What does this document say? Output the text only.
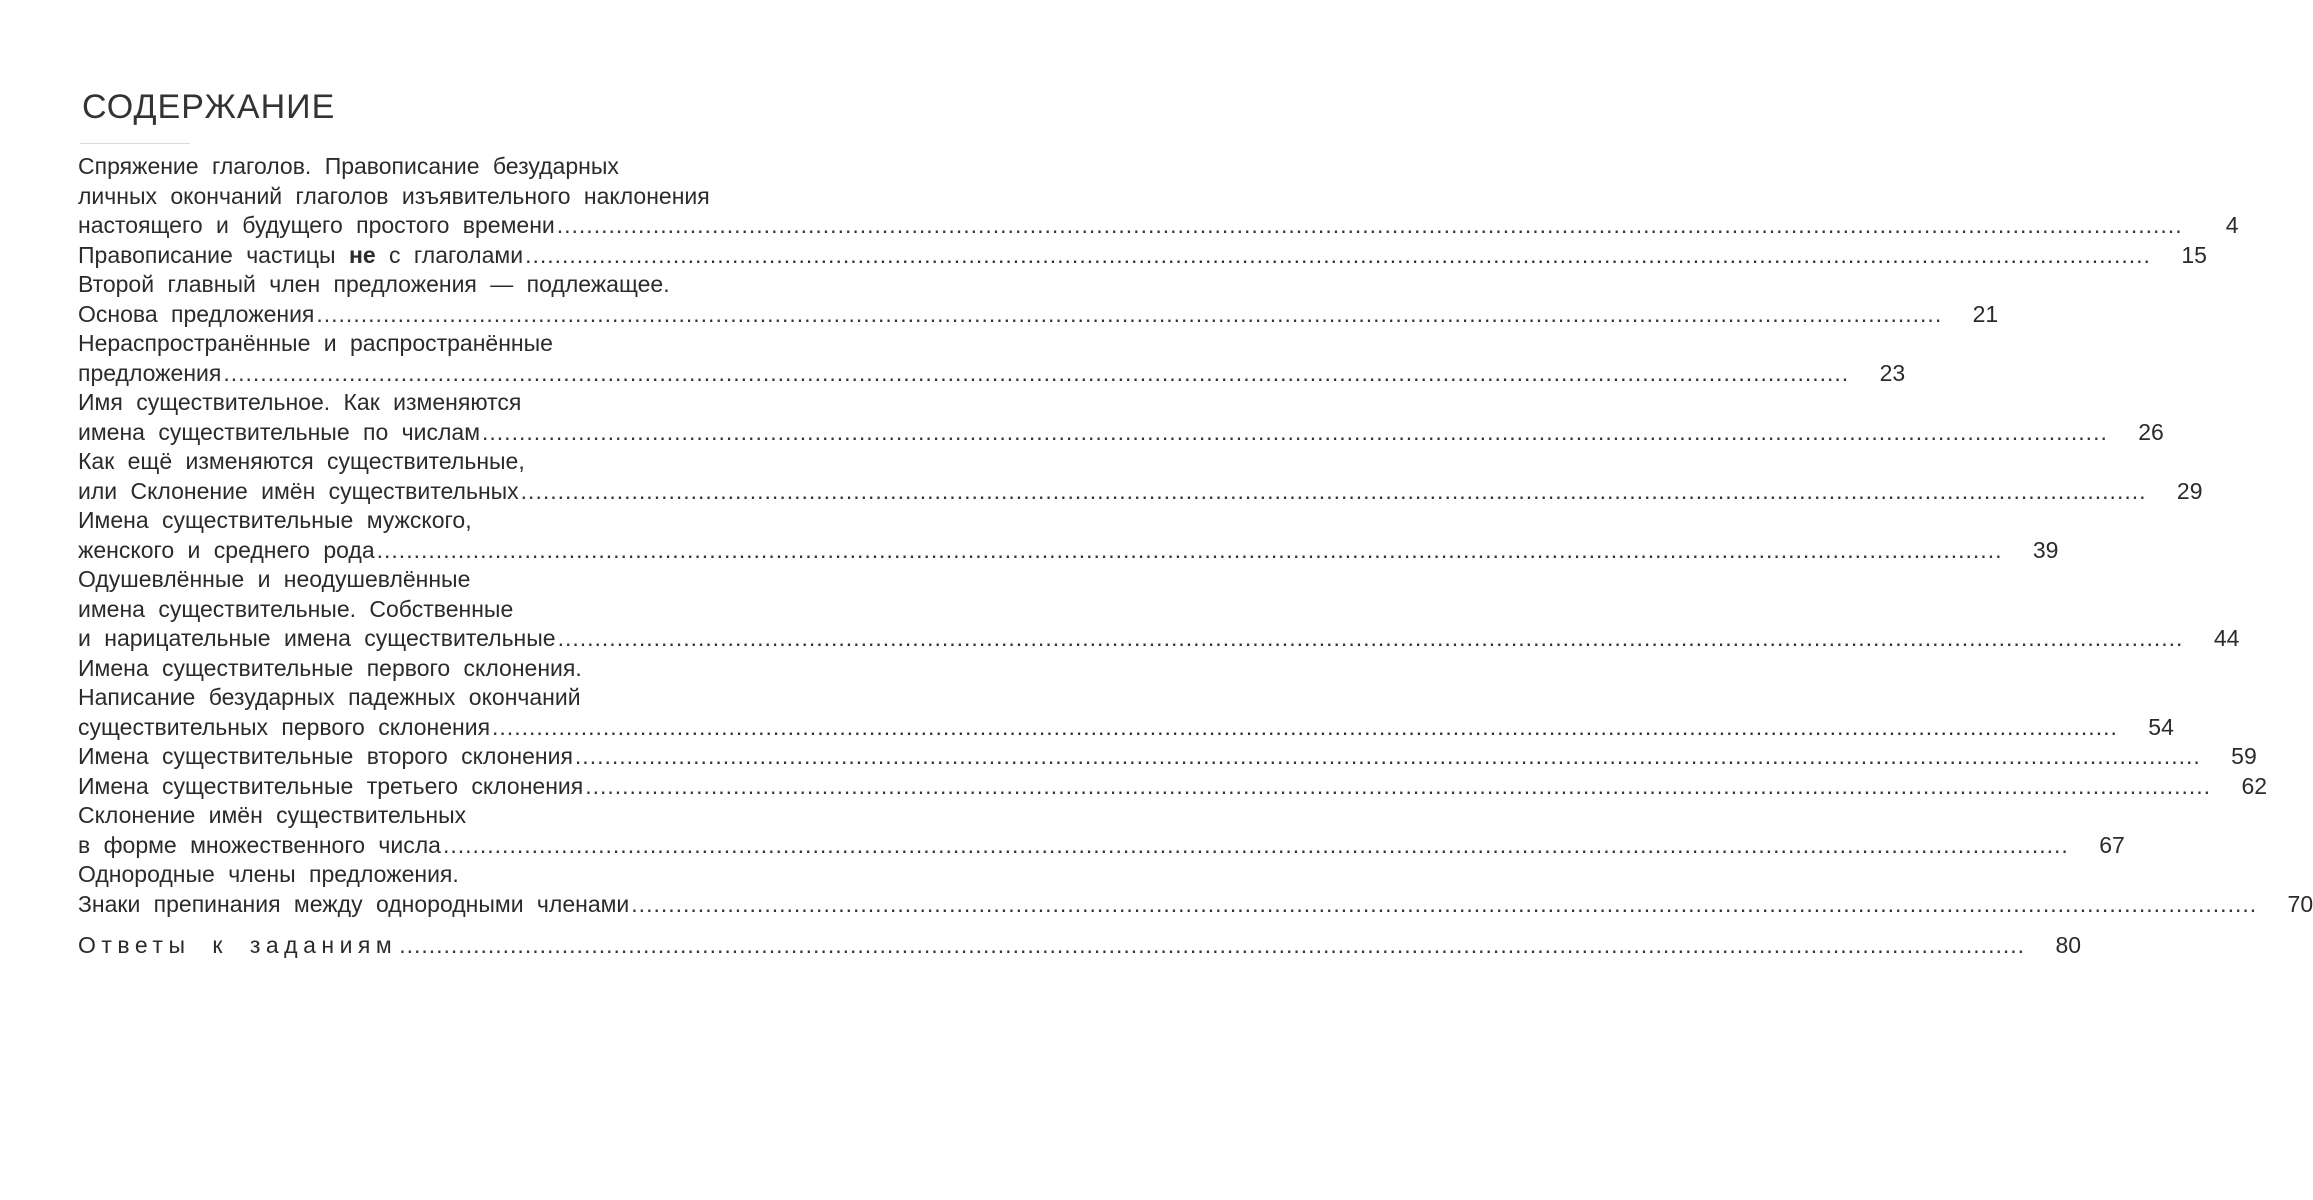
СОДЕРЖАНИЕ
Спряжение глаголов. Правописание безударных
личных окончаний глаголов изъявительного наклонения
настоящего и будущего простого времени ............................................................................................................................................................................................................................	4
Правописание частицы не с глаголами ............................................................................................................................................................................................................................	15
Второй главный член предложения — подлежащее.
Основа предложения ............................................................................................................................................................................................................................	21
Нераспространённые и распространённые
предложения ............................................................................................................................................................................................................................	23
Имя существительное. Как изменяются
имена существительные по числам ............................................................................................................................................................................................................................	26
Как ещё изменяются существительные,
или Склонение имён существительных ............................................................................................................................................................................................................................	29
Имена существительные мужского,
женского и среднего рода ............................................................................................................................................................................................................................	39
Одушевлённые и неодушевлённые
имена существительные. Собственные
и нарицательные имена существительные ............................................................................................................................................................................................................................	44
Имена существительные первого склонения.
Написание безударных падежных окончаний
существительных первого склонения ............................................................................................................................................................................................................................	54
Имена существительные второго склонения ............................................................................................................................................................................................................................	59
Имена существительные третьего склонения ............................................................................................................................................................................................................................	62
Склонение имён существительных
в форме множественного числа ............................................................................................................................................................................................................................	67
Однородные члены предложения.
Знаки препинания между однородными членами ............................................................................................................................................................................................................................	70
Ответы к заданиям ............................................................................................................................................................................................................................	80
